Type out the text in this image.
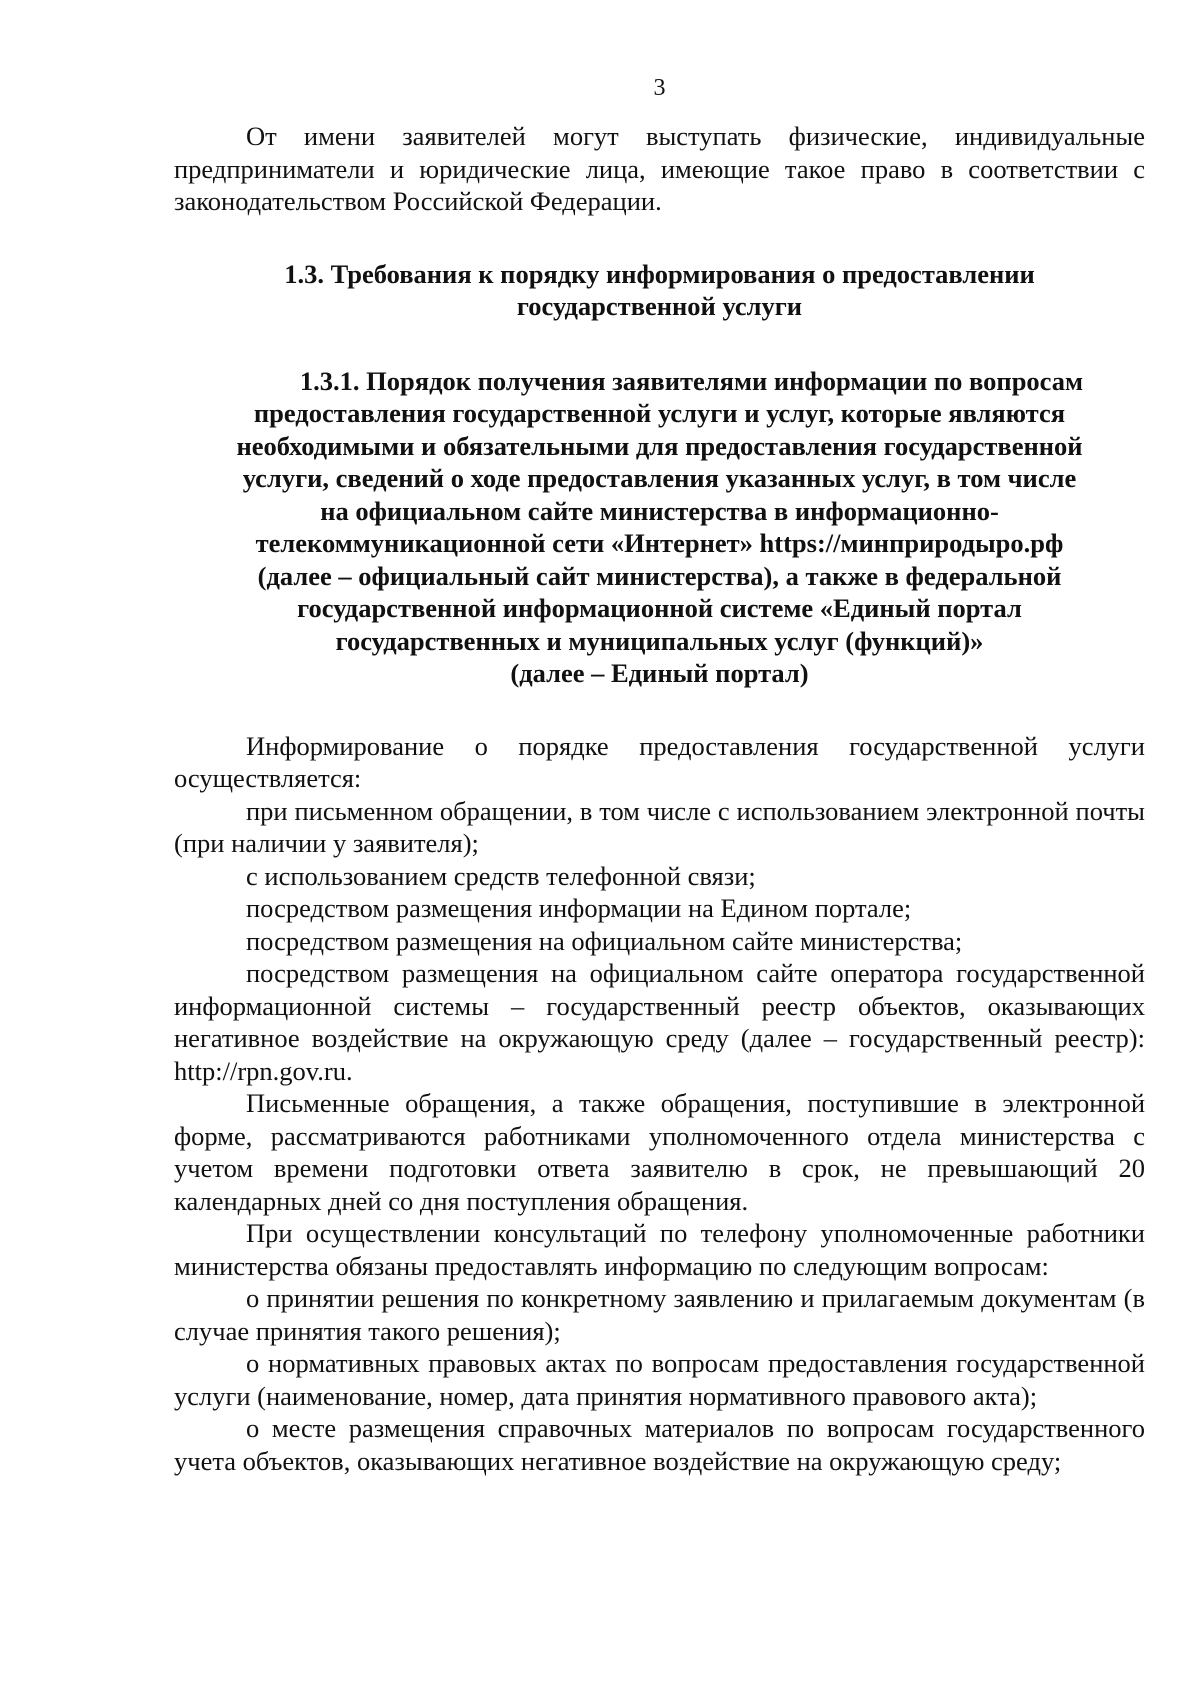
3

От имени заявителей могут выступать физические, индивидуальные предприниматели и юридические лица, имеющие такое право в соответствии с законодательством Российской Федерации.

1.3. Требования к порядку информирования о предоставлении
государственной услуги
1.3.1. Порядок получения заявителями информации по вопросам
предоставления государственной услуги и услуг, которые являются
необходимыми и обязательными для предоставления государственной
услуги, сведений о ходе предоставления указанных услуг, в том числе
на официальном сайте министерства в информационно-
телекоммуникационной сети «Интернет» https://минприродыро.рф
(далее – официальный сайт министерства), а также в федеральной
государственной информационной системе «Единый портал
государственных и муниципальных услуг (функций)»
(далее – Единый портал)

Информирование о порядке предоставления государственной услуги осуществляется:

при письменном обращении, в том числе с использованием электронной почты (при наличии у заявителя);

с использованием средств телефонной связи;

посредством размещения информации на Едином портале;

посредством размещения на официальном сайте министерства;

посредством размещения на официальном сайте оператора государственной информационной системы – государственный реестр объектов, оказывающих негативное воздействие на окружающую среду (далее – государственный реестр): http://rpn.gov.ru.

Письменные обращения, а также обращения, поступившие в электронной форме, рассматриваются работниками уполномоченного отдела министерства с учетом времени подготовки ответа заявителю в срок, не превышающий 20 календарных дней со дня поступления обращения.

При осуществлении консультаций по телефону уполномоченные работники министерства обязаны предоставлять информацию по следующим вопросам:

о принятии решения по конкретному заявлению и прилагаемым документам (в случае принятия такого решения);

о нормативных правовых актах по вопросам предоставления государственной услуги (наименование, номер, дата принятия нормативного правового акта);

о месте размещения справочных материалов по вопросам государственного учета объектов, оказывающих негативное воздействие на окружающую среду;
